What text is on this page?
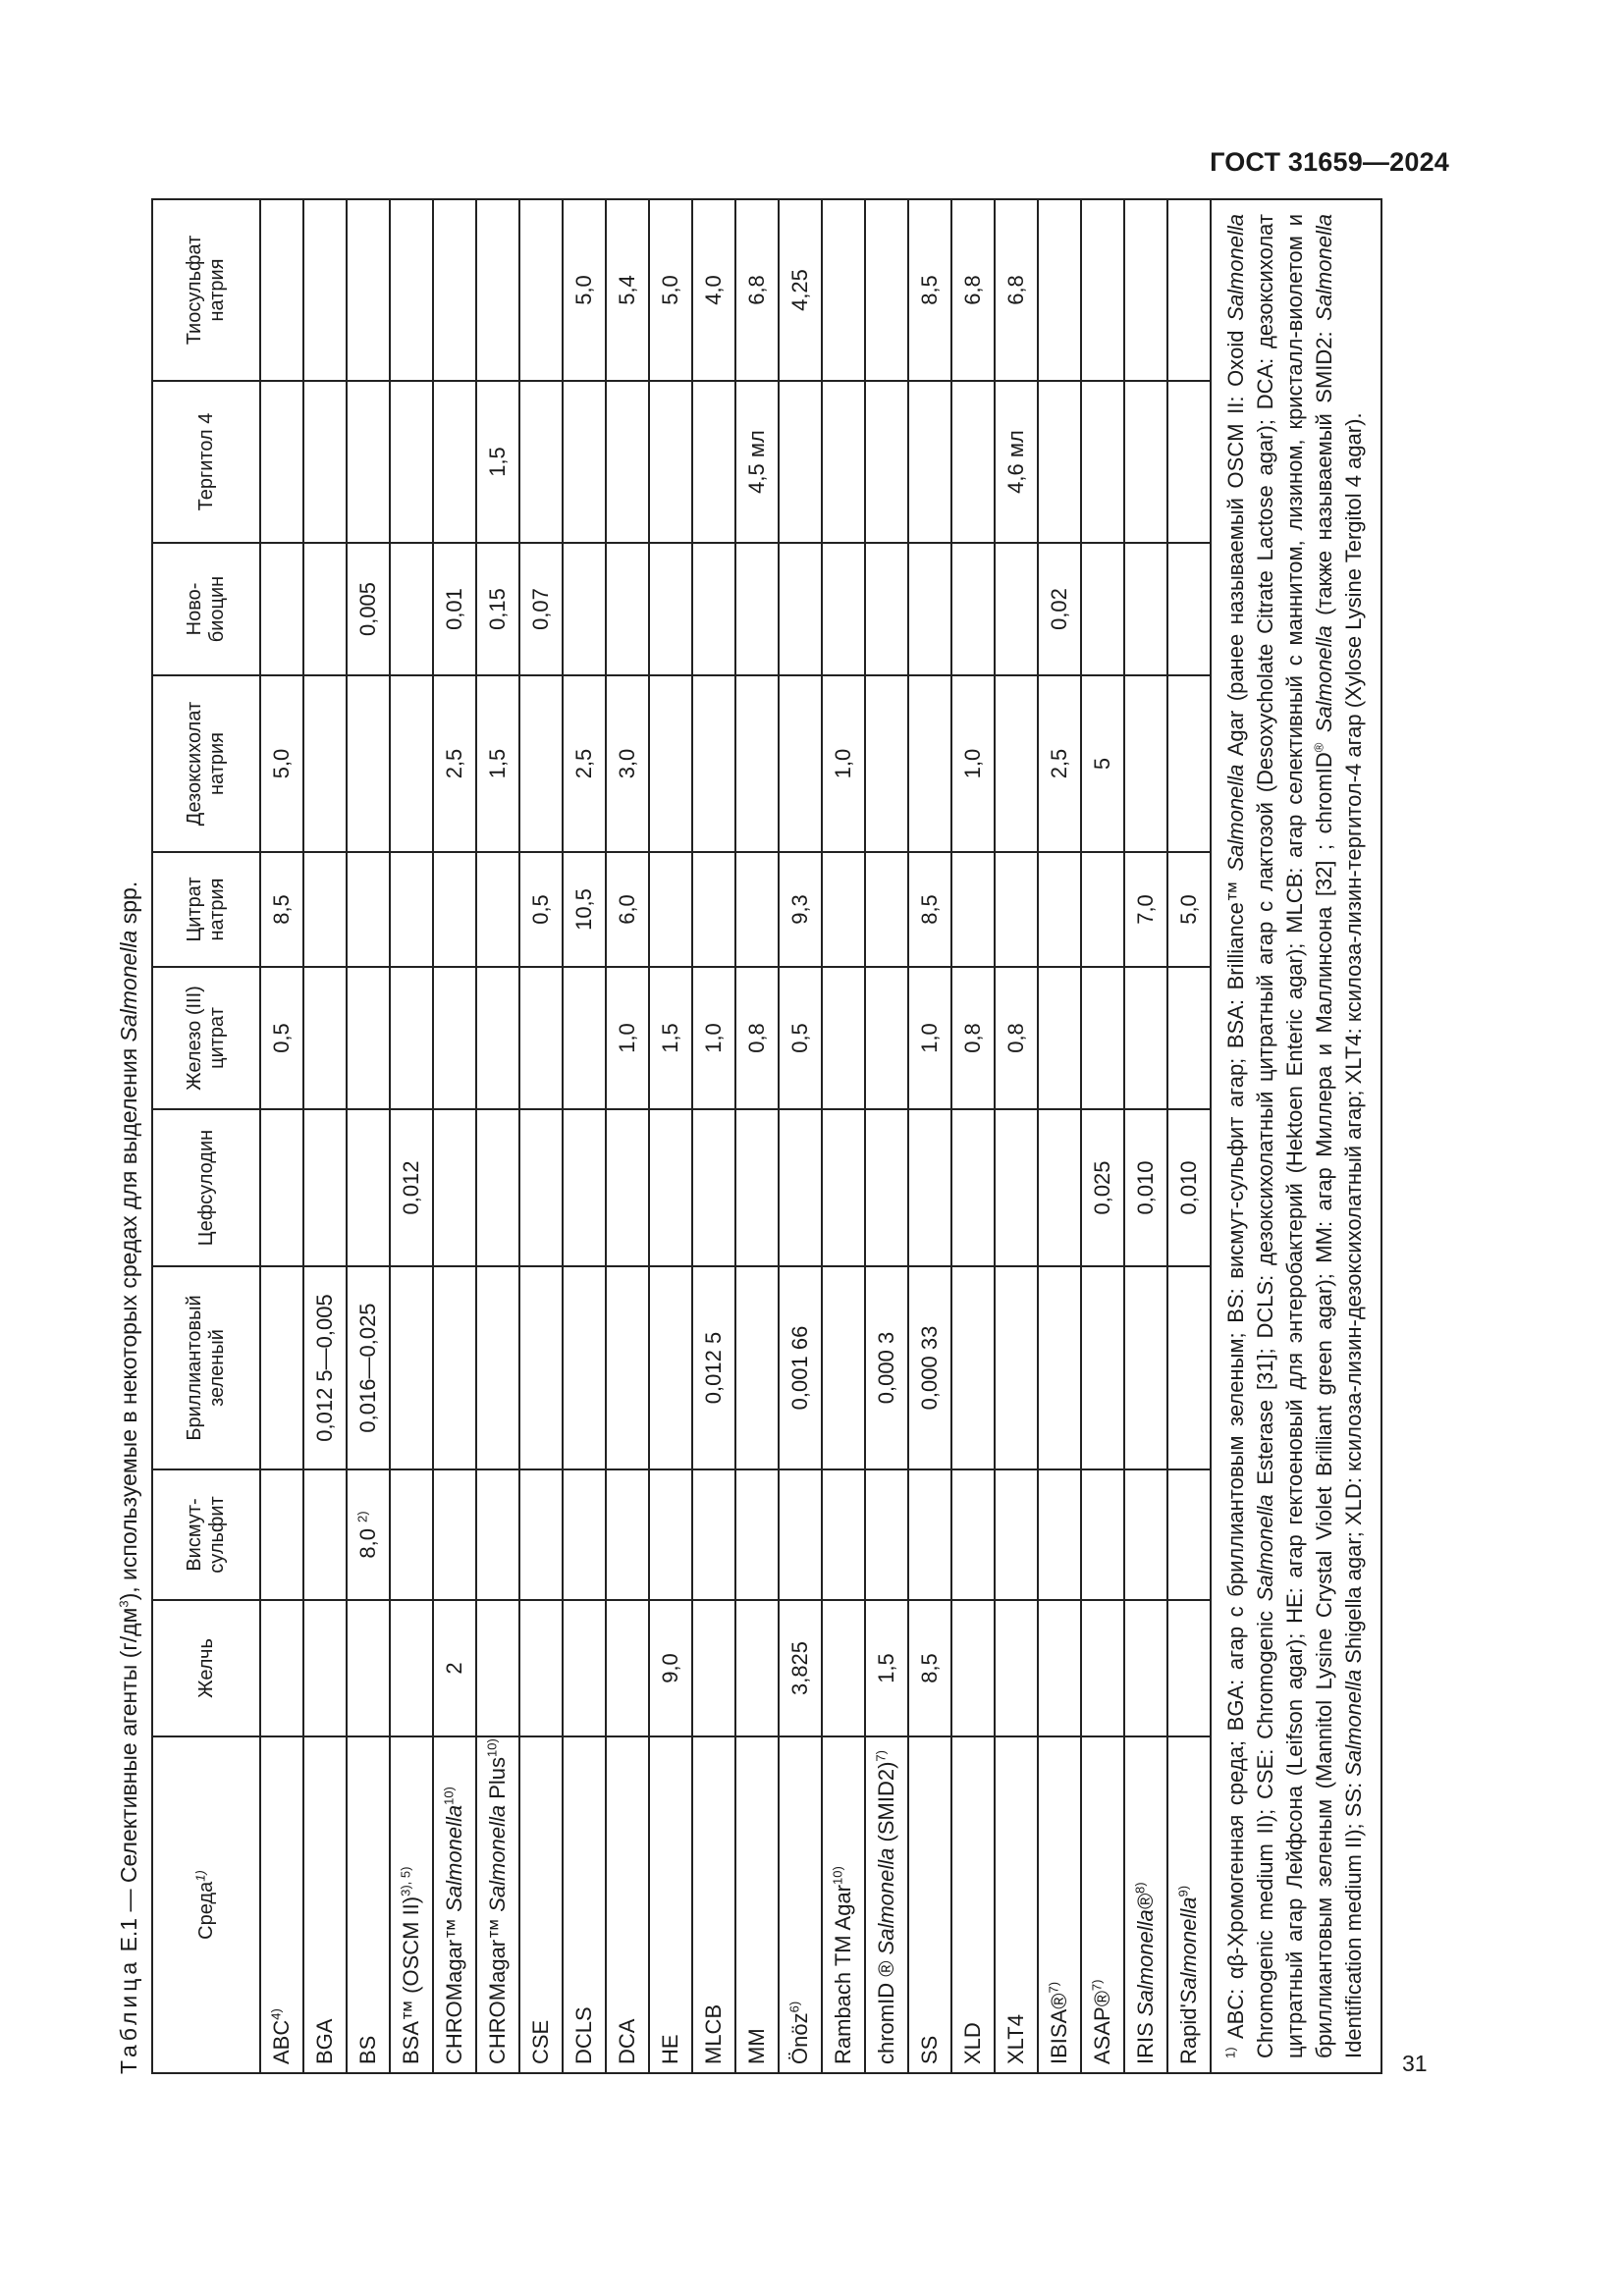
ГОСТ 31659—2024
31
Таблица Е.1 — Селективные агенты $(г/дм^3)$, используемые в некоторых средах для выделения Salmonella spp.
Среда$^{1)}$	Желчь	Висмут-сульфит	Бриллиантовый зеленый	Цефсулодин	Железо (III) цитрат	Цитрат натрия	Дезоксихолат натрия	Ново-биоцин	Тергитол 4	Тиосульфат натрия
ABC$^{4)}$					0,5	8,5	5,0			
BGA			0,012 5—0,005							
BS		8,0 $^{2)}$	0,016—0,025					0,005		
BSA™ (OSCM II)$^{3), 5)}$				0,012						
CHROMagar™ Salmonella$^{10)}$	2						2,5	0,01		
CHROMagar™ Salmonella Plus$^{10)}$							1,5	0,15	1,5	
CSE						0,5		0,07		
DCLS						10,5	2,5			5,0
DCA					1,0	6,0	3,0			5,4
HE	9,0				1,5					5,0
MLCB			0,012 5		1,0					4,0
MM					0,8				4,5 мл	6,8
Önöz$^{6)}$	3,825		0,001 66		0,5	9,3				4,25
Rambach TM Agar$^{10)}$							1,0			
chromID ® Salmonella (SMID2)$^{7)}$	1,5		0,000 3							
SS	8,5		0,000 33		1,0	8,5				8,5
XLD					0,8		1,0			6,8
XLT4					0,8				4,6 мл	6,8
IBISA®$^{7)}$							2,5	0,02		
ASAP®$^{7)}$				0,025			5			
IRIS Salmonella®$^{8)}$				0,010		7,0				
Rapid'Salmonella$^{9)}$				0,010		5,0				
$^{1)}$ ABC: αβ-Хромогенная среда; BGA: агар с бриллиантовым зеленым; BS: висмут-сульфит агар; BSA: Brilliance™ Salmonella Agar (ранее называемый OSCM II: Oxoid Salmonella Chromogenic medium II); CSE: Chromogenic Salmonella Esterase [31]; DCLS: дезоксихолатный цитратный агар с лактозой (Desoxycholate Citrate Lactose agar); DCA: дезоксихолат цитратный агар Лейфсона (Leifson agar); HE: агар гектоеновый для энтеробактерий (Hektoen Enteric agar); MLCB: агар селективный с маннитом, лизином, кристалл-виолетом и бриллиантовым зеленым (Mannitol Lysine Crystal Violet Brilliant green agar); MM: агар Миллера и Маллинсона [32] ; chromID® Salmonella (также называемый SMID2: Salmonella Identification medium II); SS: Salmonella Shigella agar; XLD: ксилоза-лизин-дезоксихолатный агар; XLT4: ксилоза-лизин-тергитол-4 агар (Xylose Lysine Tergitol 4 agar).										
